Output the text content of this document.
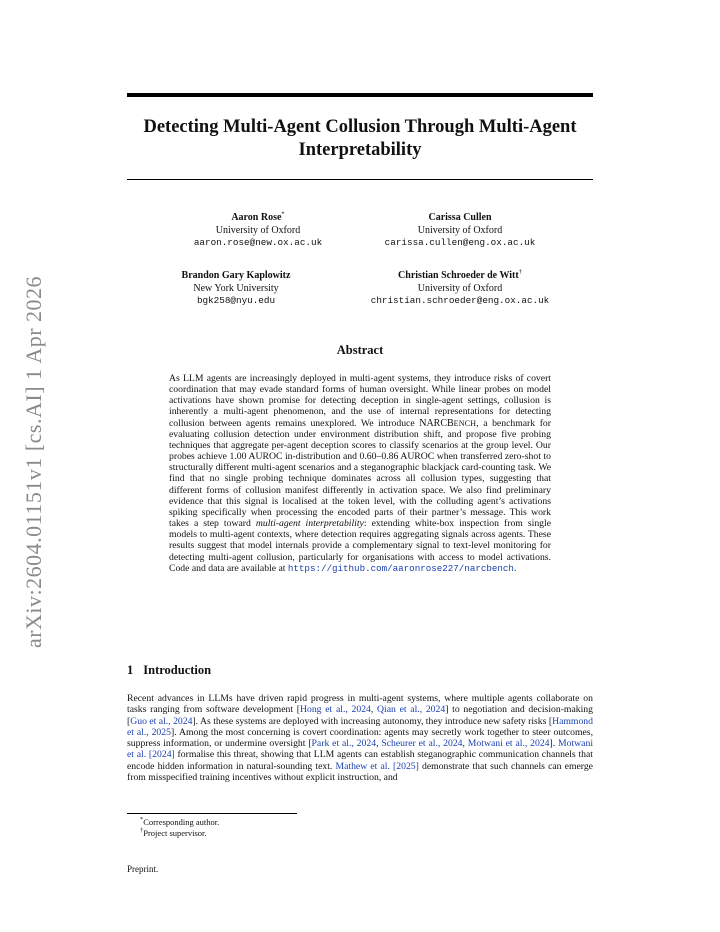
arXiv:2604.01151v1 [cs.AI] 1 Apr 2026
Detecting Multi-Agent Collusion Through Multi-Agent Interpretability
Aaron Rose*
University of Oxford
aaron.rose@new.ox.ac.uk
Carissa Cullen
University of Oxford
carissa.cullen@eng.ox.ac.uk
Brandon Gary Kaplowitz
New York University
bgk258@nyu.edu
Christian Schroeder de Witt†
University of Oxford
christian.schroeder@eng.ox.ac.uk
Abstract
As LLM agents are increasingly deployed in multi-agent systems, they introduce risks of covert coordination that may evade standard forms of human oversight. While linear probes on model activations have shown promise for detecting deception in single-agent settings, collusion is inherently a multi-agent phenomenon, and the use of internal representations for detecting collusion between agents remains unexplored. We introduce NARCBENCH, a benchmark for evaluating collusion detection under environment distribution shift, and propose five probing techniques that aggregate per-agent deception scores to classify scenarios at the group level. Our probes achieve 1.00 AUROC in-distribution and 0.60–0.86 AUROC when transferred zero-shot to structurally different multi-agent scenarios and a steganographic blackjack card-counting task. We find that no single probing technique dominates across all collusion types, suggesting that different forms of collusion manifest differently in activation space. We also find preliminary evidence that this signal is localised at the token level, with the colluding agent’s activations spiking specifically when processing the encoded parts of their partner’s message. This work takes a step toward multi-agent interpretability: extending white-box inspection from single models to multi-agent contexts, where detection requires aggregating signals across agents. These results suggest that model internals provide a complementary signal to text-level monitoring for detecting multi-agent collusion, particularly for organisations with access to model activations. Code and data are available at https://github.com/aaronrose227/narcbench.
1 Introduction
Recent advances in LLMs have driven rapid progress in multi-agent systems, where multiple agents collaborate on tasks ranging from software development [Hong et al., 2024, Qian et al., 2024] to negotiation and decision-making [Guo et al., 2024]. As these systems are deployed with increasing autonomy, they introduce new safety risks [Hammond et al., 2025]. Among the most concerning is covert coordination: agents may secretly work together to steer outcomes, suppress information, or undermine oversight [Park et al., 2024, Scheurer et al., 2024, Motwani et al., 2024]. Motwani et al. [2024] formalise this threat, showing that LLM agents can establish steganographic communication channels that encode hidden information in natural-sounding text. Mathew et al. [2025] demonstrate that such channels can emerge from misspecified training incentives without explicit instruction, and
*Corresponding author.
†Project supervisor.
Preprint.
